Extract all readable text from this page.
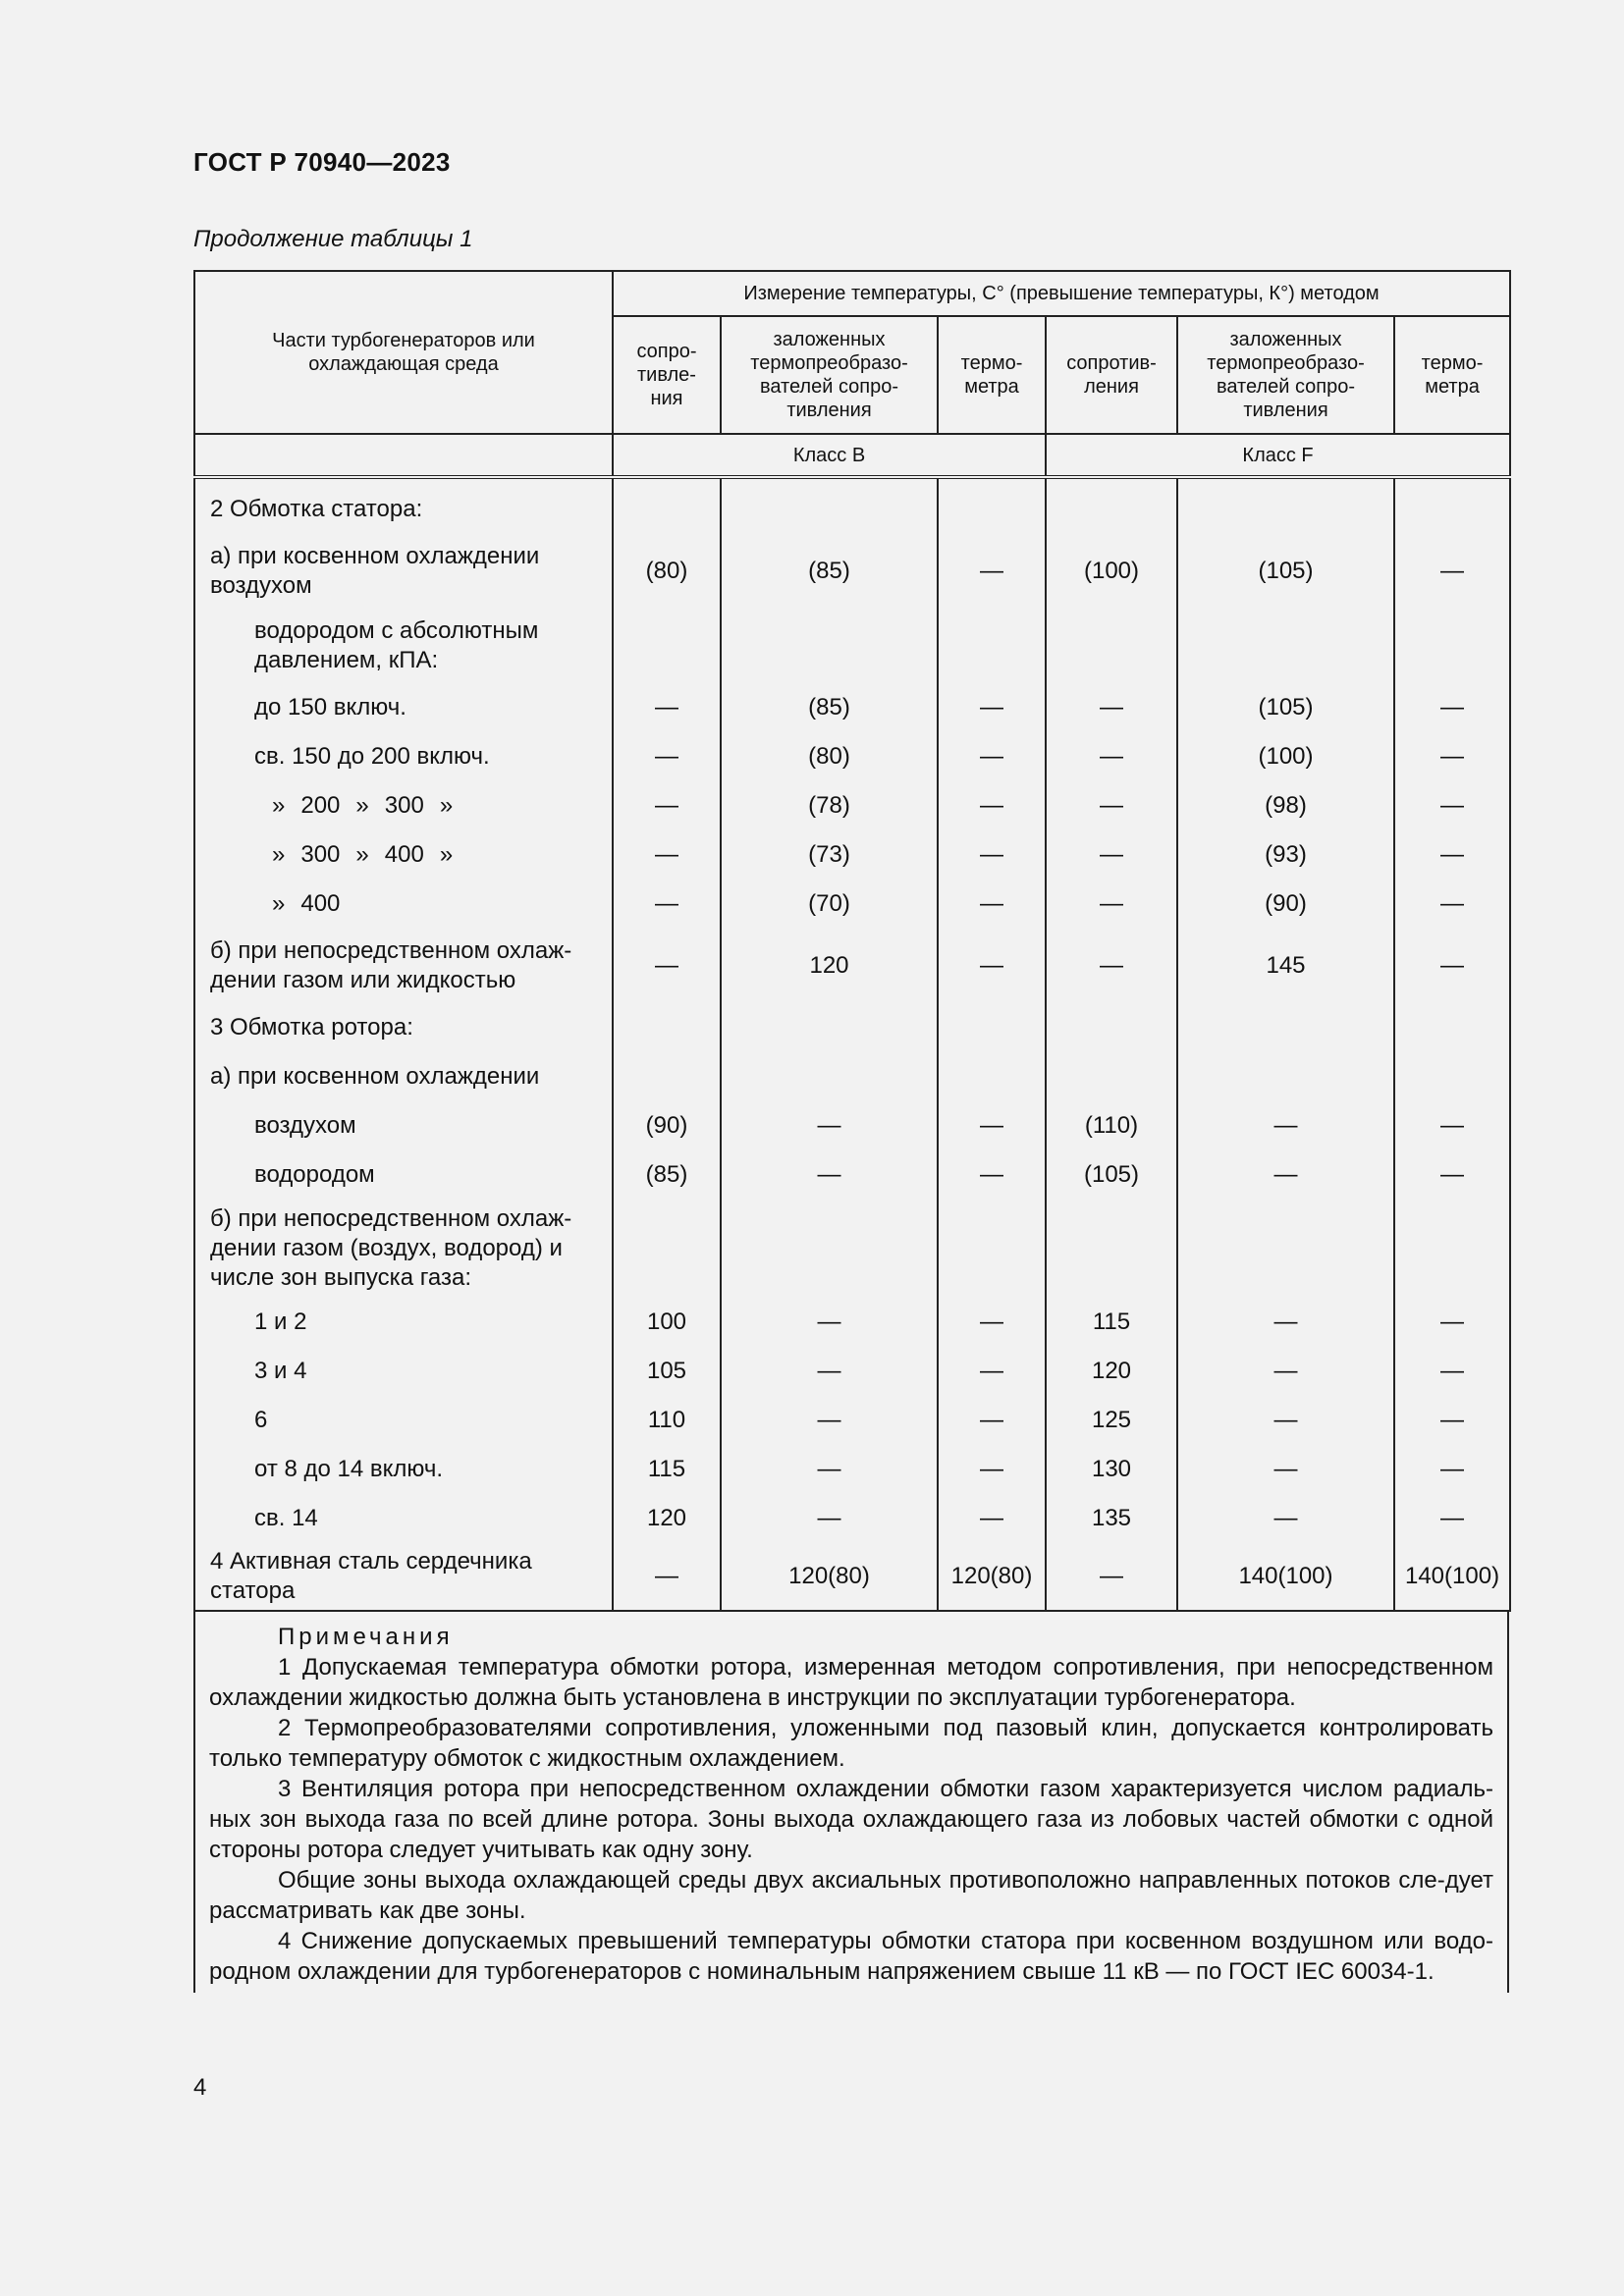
ГОСТ Р 70940—2023
Продолжение таблицы 1
Части турбогенераторов или охлаждающая среда	Измерение температуры, С° (превышение температуры, К°) методом					
	сопро-тивле-ния	заложенных термопреобразо-вателей сопро-тивления	термо-метра	сопротив-ления	заложенных термопреобразо-вателей сопро-тивления	термо-метра
	Класс В			Класс F		
2 Обмотка статора:						
а) при косвенном охлаждении воздухом	(80)	(85)	—	(100)	(105)	—
водородом с абсолютным давлением, кПА:						
до 150 включ.	—	(85)	—	—	(105)	—
св. 150 до 200 включ.	—	(80)	—	—	(100)	—
» 200 » 300 »	—	(78)	—	—	(98)	—
» 300 » 400 »	—	(73)	—	—	(93)	—
» 400	—	(70)	—	—	(90)	—
б) при непосредственном охлаж-дении газом или жидкостью	—	120	—	—	145	—
3 Обмотка ротора:						
а) при косвенном охлаждении						
воздухом	(90)	—	—	(110)	—	—
водородом	(85)	—	—	(105)	—	—
б) при непосредственном охлаж-дении газом (воздух, водород) и числе зон выпуска газа:						
1 и 2	100	—	—	115	—	—
3 и 4	105	—	—	120	—	—
6	110	—	—	125	—	—
от 8 до 14 включ.	115	—	—	130	—	—
св. 14	120	—	—	135	—	—
4 Активная сталь сердечника статора	—	120(80)	120(80)	—	140(100)	140(100)

Примечания

1 Допускаемая температура обмотки ротора, измеренная методом сопротивления, при непосредственном охлаждении жидкостью должна быть установлена в инструкции по эксплуатации турбогенератора.

2 Термопреобразователями сопротивления, уложенными под пазовый клин, допускается контролировать только температуру обмоток с жидкостным охлаждением.

3 Вентиляция ротора при непосредственном охлаждении обмотки газом характеризуется числом радиаль-ных зон выхода газа по всей длине ротора. Зоны выхода охлаждающего газа из лобовых частей обмотки с одной стороны ротора следует учитывать как одну зону.

Общие зоны выхода охлаждающей среды двух аксиальных противоположно направленных потоков сле-дует рассматривать как две зоны.

4 Снижение допускаемых превышений температуры обмотки статора при косвенном воздушном или водо-родном охлаждении для турбогенераторов с номинальным напряжением свыше 11 кВ — по ГОСТ IEC 60034-1.

4
